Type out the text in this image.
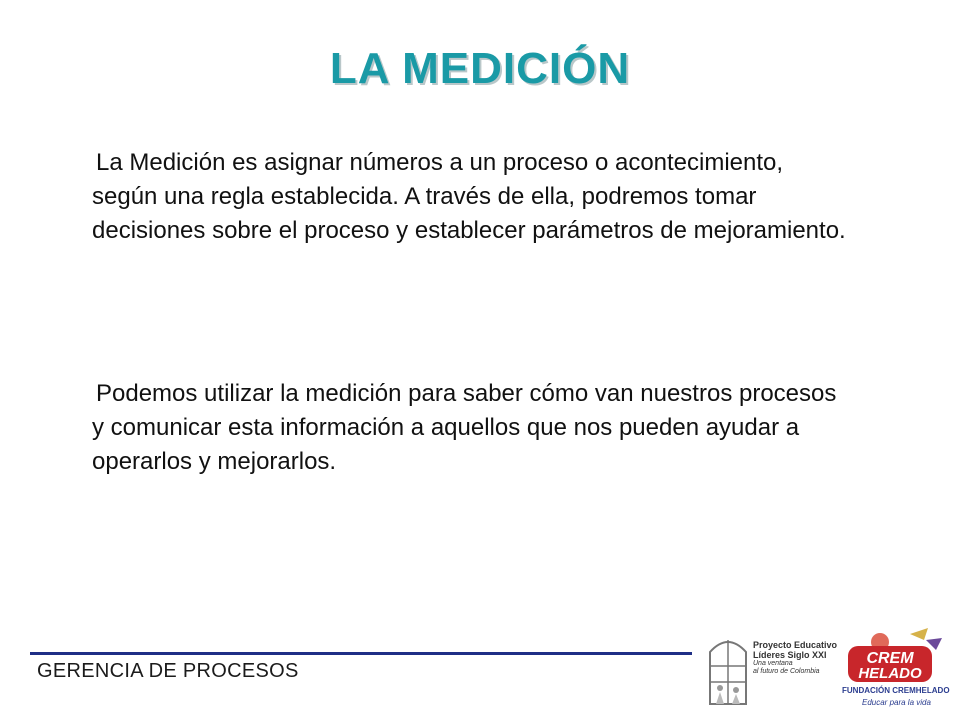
LA MEDICIÓN

La Medición es asignar números a un proceso o acontecimiento, según una regla establecida. A través de ella, podremos tomar decisiones sobre el proceso y establecer parámetros de mejoramiento.

Podemos utilizar la medición para saber cómo van nuestros procesos y comunicar esta información a aquellos que nos pueden ayudar a operarlos y mejorarlos.

GERENCIA DE PROCESOS
Proyecto Educativo
Líderes Siglo XXI
Una ventana
al futuro de Colombia
CREM
HELADO
FUNDACIÓN CREMHELADO
Educar para la vida
